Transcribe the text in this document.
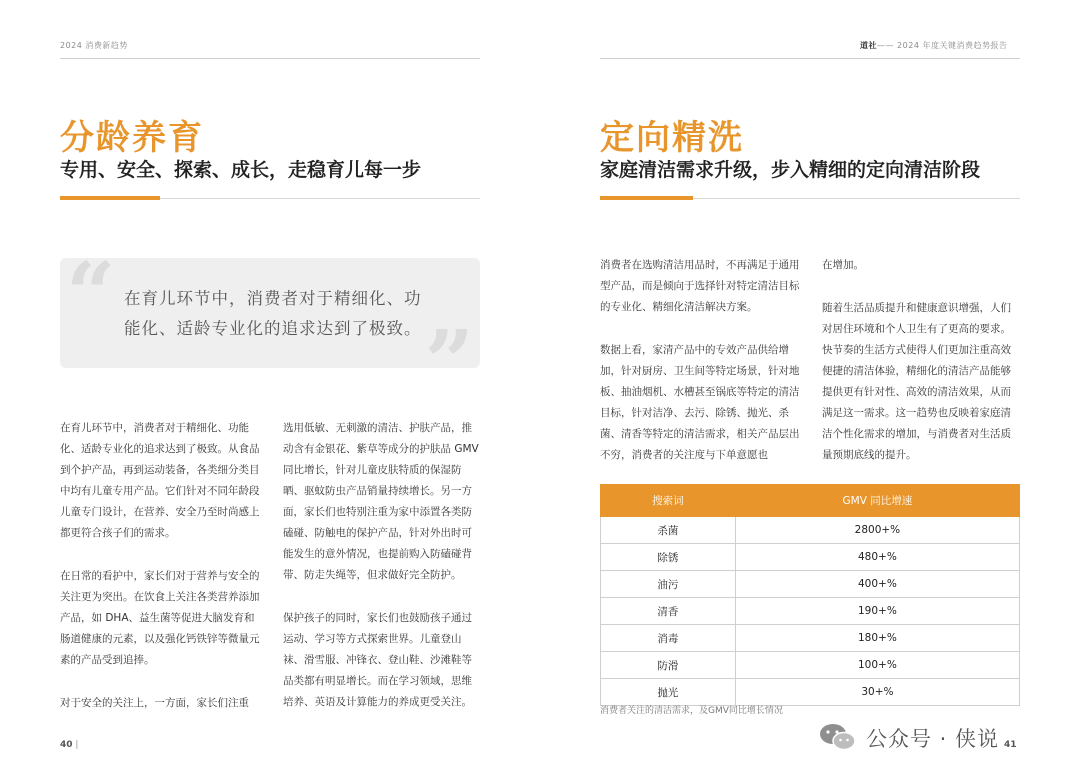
2024 消费新趋势
分龄养育
专用、安全、探索、成长，走稳育儿每一步
“
”
在育儿环节中，消费者对于精细化、功能化、适龄专业化的追求达到了极致。

在育儿环节中，消费者对于精细化、功能化、适龄专业化的追求达到了极致。从食品到个护产品，再到运动装备，各类细分类目中均有儿童专用产品。它们针对不同年龄段儿童专门设计，在营养、安全乃至时尚感上都更符合孩子们的需求。

在日常的看护中，家长们对于营养与安全的关注更为突出。在饮食上关注各类营养添加产品，如 DHA、益生菌等促进大脑发育和肠道健康的元素，以及强化钙铁锌等微量元素的产品受到追捧。

对于安全的关注上，一方面，家长们注重

选用低敏、无刺激的清洁、护肤产品，推动含有金银花、紫草等成分的护肤品 GMV 同比增长，针对儿童皮肤特质的保湿防晒、驱蚊防虫产品销量持续增长。另一方面，家长们也特别注重为家中添置各类防磕碰、防触电的保护产品，针对外出时可能发生的意外情况，也提前购入防磕碰背带、防走失绳等，但求做好完全防护。

保护孩子的同时，家长们也鼓励孩子通过运动、学习等方式探索世界。儿童登山袜、滑雪服、冲锋衣、登山鞋、沙滩鞋等品类都有明显增长。而在学习领域，思维培养、英语及计算能力的养成更受关注。

40 |
道社—— 2024 年度关键消费趋势报告
定向精洗
家庭清洁需求升级，步入精细的定向清洁阶段

消费者在选购清洁用品时，不再满足于通用型产品，而是倾向于选择针对特定清洁目标的专业化、精细化清洁解决方案。

数据上看，家清产品中的专效产品供给增加，针对厨房、卫生间等特定场景，针对地板、抽油烟机、水槽甚至锅底等特定的清洁目标，针对洁净、去污、除锈、抛光、杀菌、清香等特定的清洁需求，相关产品层出不穷，消费者的关注度与下单意愿也

在增加。

随着生活品质提升和健康意识增强，人们对居住环境和个人卫生有了更高的要求。快节奏的生活方式使得人们更加注重高效便捷的清洁体验，精细化的清洁产品能够提供更有针对性、高效的清洁效果，从而满足这一需求。这一趋势也反映着家庭清洁个性化需求的增加，与消费者对生活质量预期底线的提升。

搜索词	GMV 同比增速
杀菌	2800+%
除锈	480+%
油污	400+%
清香	190+%
消毒	180+%
防滑	100+%
抛光	30+%
消费者关注的清洁需求，及GMV同比增长情况
公众号 · 侠说 41
